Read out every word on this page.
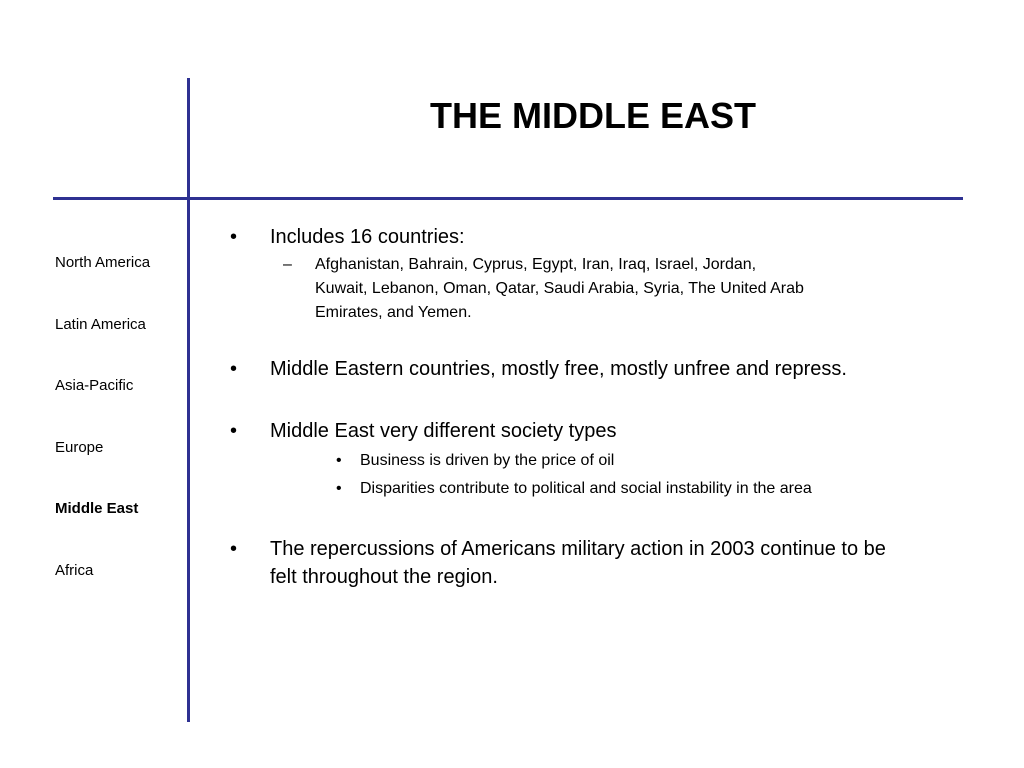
THE MIDDLE EAST
North America
Latin America
Asia-Pacific
Europe
Middle East
Africa
• Includes 16 countries:
– Afghanistan, Bahrain, Cyprus, Egypt, Iran, Iraq, Israel, Jordan, Kuwait, Lebanon, Oman, Qatar, Saudi Arabia, Syria, The United Arab Emirates, and Yemen.
• Middle Eastern countries, mostly free, mostly unfree and repress.
• Middle East very different society types
• Business is driven by the price of oil
• Disparities contribute to political and social instability in the area
• The repercussions of Americans military action in 2003 continue to be felt throughout the region.
